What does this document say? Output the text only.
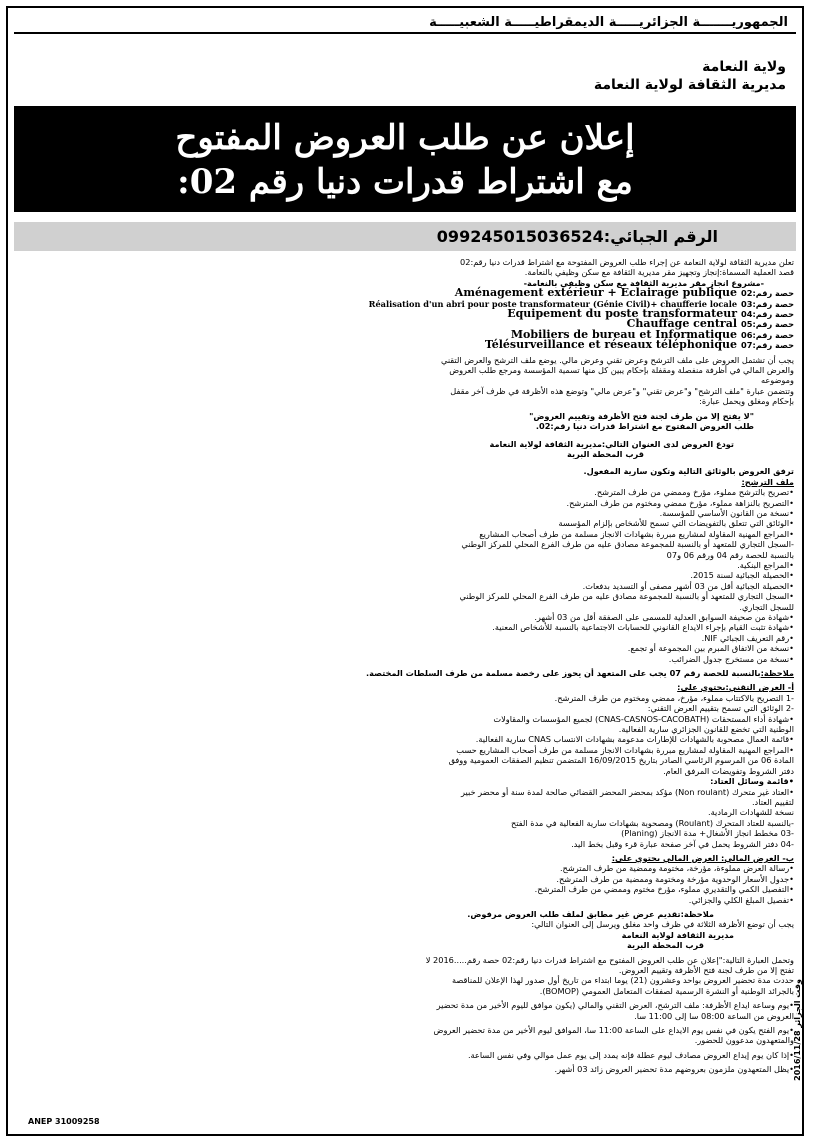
الجمهوريـــــــة الجزائريـــــة الديمقراطيـــــة الشعبيـــــة
ولاية النعامة
مديرية الثقافة لولاية النعامة
إعلان عن طلب العروض المفتوح
مع اشتراط قدرات دنيا رقم 02:
الرقم الجبائي:099245015036524

تعلن مديرية الثقافة لولاية النعامة عن إجراء طلب العروض المفتوحة مع اشتراط قدرات دنيا رقم:02

قصد العملية المسماة:إنجاز وتجهيز مقر مديرية الثقافة مع سكن وظيفي بالنعامة.

-مشروع انجاز مقر مديرية الثقافة مع سكن وظيفي بالنعامة-

حصة رقم:02
Aménagement extérieur + Eclairage publique
حصة رقم:03
Réalisation d'un abri pour poste transformateur (Génie Civil)+ chaufferie locale
حصة رقم:04
Equipement du poste transformateur
حصة رقم:05
Chauffage central
حصة رقم:06
Mobiliers de bureau et Informatique
حصة رقم:07
Télésurveillance et réseaux téléphonique

يجب أن تشتمل العروض على ملف الترشح وعرض تقني وعرض مالي. يوضع ملف الترشح والعرض التقني

والعرض المالي في أظرفة منفصلة ومقفلة بإحكام يبين كل منها تسمية المؤسسة ومرجع طلب العروض

وموضوعه

وتتضمن عبارة "ملف الترشح" و"عرض تقني" و"عرض مالي" وتوضع هذه الأظرفة في ظرف آخر مقفل

بإحكام ومغلق ويحمل عبارة:

"لا يفتح إلا من طرف لجنة فتح الأظرفة وتقييم العروض"

طلب العروض المفتوح مع اشتراط قدرات دنيا رقم:02.

تودع العروض لدى العنوان التالي:مديرية الثقافة لولاية النعامة

قرب المحطة البرية

ترفق العروض بالوثائق التالية وتكون سارية المفعول.

ملف الترشح:

•تصريح بالترشح مملوء، مؤرخ وممضي من طرف المترشح.

•التصريح بالنزاهة مملوء، مؤرخ ممضي ومختوم من طرف المترشح.

•نسخة من القانون الأساسي للمؤسسة.

•الوثائق التي تتعلق بالتفويضات التي تسمح للأشخاص بإلزام المؤسسة

•المراجع المهنية المقاولة لمشاريع مبررة بشهادات الانجاز مسلمة من طرف أصحاب المشاريع

-السجل التجاري للمتعهد أو بالنسبة للمجموعة مصادق عليه من طرف الفرع المحلي للمركز الوطني

بالنسبة للحصة رقم 04 ورقم 06 و07

•المراجع البنكية.

•الحصيلة الجبائية لسنة 2015.

•الحصيلة الجبائية أقل من 03 أشهر مصفى أو التسديد بدفعات.

•السجل التجاري للمتعهد أو بالنسبة للمجموعة مصادق عليه من طرف الفرع المحلي للمركز الوطني

للسجل التجاري.

•شهادة من صحيفة السوابق العدلية للمسمى على الصفقة أقل من 03 أشهر.

•شهادة تثبت القيام بإجراء الايداع القانوني للحسابات الاجتماعية بالنسبة للأشخاص المعنية.

•رقم التعريف الجبائي NIF.

•نسخة من الاتفاق المبرم بين المجموعة أو تجمع.

•نسخة من مستخرج جدول الضرائب.

ملاحظة:بالنسبة للحصة رقم 07 يجب على المتعهد أن يحوز على رخصة مسلمة من طرف السلطات المختصة.

أ- العرض التقني:يحتوي على:

-1 التصريح بالاكتتاب مملوء، مؤرخ، ممضي ومختوم من طرف المترشح.

-2 الوثائق التي تسمح بتقييم العرض التقني:

•شهادة أداء المستحقات (CNAS-CASNOS-CACOBATH) لجميع المؤسسات والمقاولات

الوطنية التي تخضع للقانون الجزائري سارية الفعالية.

•قائمة العمال مصحوبة بالشهادات للإطارات مدعومة بشهادات الانتساب CNAS سارية الفعالية.

•المراجع المهنية المقاولة لمشاريع مبررة بشهادات الانجاز مسلمة من طرف أصحاب المشاريع حسب

المادة 06 من المرسوم الرئاسي الصادر بتاريخ 16/09/2015 المتضمن تنظيم الصفقات العمومية ووفق

دفتر الشروط وتفويضات المرفق العام.

•قائمة وسائل العتاد:

•العتاد غير متحرك (Non roulant) مؤكد بمحضر المحضر القضائي صالحة لمدة سنة أو محضر خبير

لتقييم العتاد.

نسخة للشهادات الرمادية.

-بالنسبة للعتاد المتحرك (Roulant) ومصحوبة بشهادات سارية الفعالية في مدة الفتح

-03 مخطط انجاز الأشغال+ مدة الانجاز (Planing)

-04 دفتر الشروط يحمل في آخر صفحة عبارة قرء وقبل بخط اليد.

ب- العرض المالي: العرض المالي يحتوي على:

•رسالة العرض مملوءة، مؤرخة، مختومة وممضية من طرف المترشح.

•جدول الأسعار الوحدوية مؤرخة ومختومة وممضية من طرف المترشح.

•التفصيل الكمي والتقديري مملوء، مؤرخ مختوم وممضي من طرف المترشح.

•تفصيل المبلغ الكلي والجزائي.

ملاحظة:تقديم عرض غير مطابق لملف طلب العروض مرفوض.

يجب أن توضع الأظرفة الثلاثة في ظرف واحد مغلق ويرسل إلى العنوان التالي:

مديرية الثقافة لولاية النعامة

قرب المحطة البرية

وتحمل العبارة التالية:"إعلان عن طلب العروض المفتوح مع اشتراط قدرات دنيا رقم:02 حصة رقم.....2016 لا

تفتح إلا من طرف لجنة فتح الأظرفة وتقييم العروض.

حددت مدة تحضير العروض بواحد وعشرون (21) يوما ابتداء من تاريخ أول صدور لهذا الإعلان للمناقصة

بالجرائد الوطنية أو النشرة الرسمية لصفقات المتعامل العمومي (BOMOP).

•يوم وساعة ايداع الأظرفة: ملف الترشح، العرض التقني والمالي (يكون موافق لليوم الأخير من مدة تحضير

العروض من الساعة 08:00 سا إلى 11:00 سا.

•يوم الفتح يكون في نفس يوم الايداع على الساعة 11:00 سا، الموافق ليوم الأخير من مدة تحضير العروض

والمتعهدون مدعوون للحضور.

•إذا كان يوم إيداع العروض مصادف ليوم عطلة فإنه يمدد إلى يوم عمل موالي وفي نفس الساعة.

•يظل المتعهدون ملزمون بعروضهم مدة تحضير العروض زائد 03 أشهر. وقت الجزائر 2016/11/28
ANEP 31009258
